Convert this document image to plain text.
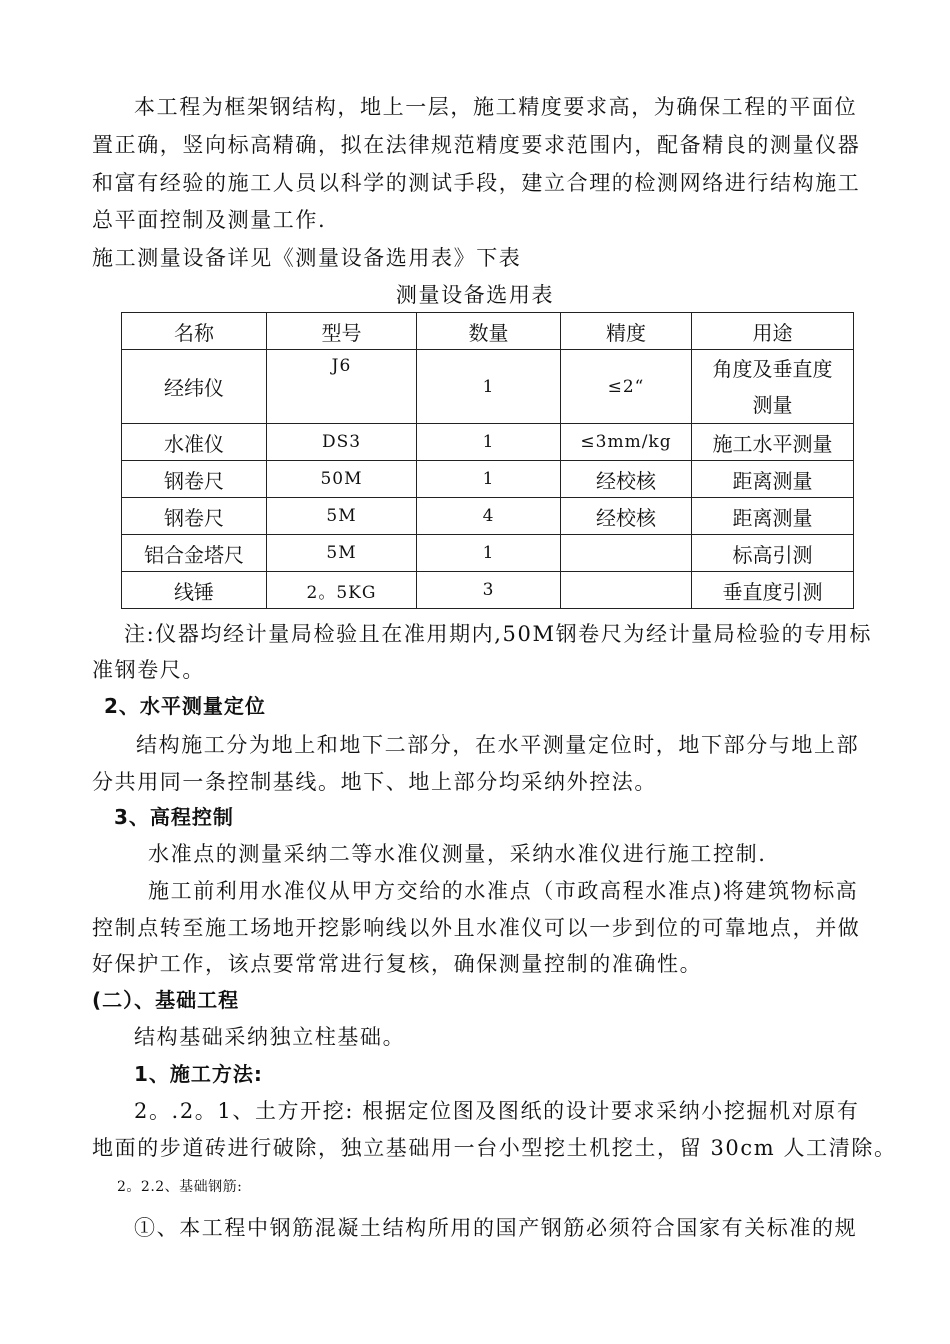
本工程为框架钢结构，地上一层，施工精度要求高，为确保工程的平面位
置正确，竖向标高精确，拟在法律规范精度要求范围内，配备精良的测量仪器
和富有经验的施工人员以科学的测试手段，建立合理的检测网络进行结构施工
总平面控制及测量工作.
施工测量设备详见《测量设备选用表》下表
测量设备选用表
名称	型号	数量	精度	用途
经纬仪	J6	1	≤2“	角度及垂直度
测量

水准仪	DS3	1	≤3mm/kg	施工水平测量
钢卷尺	50M	1	经校核	距离测量
钢卷尺	5M	4	经校核	距离测量
铝合金塔尺	5M	1		标高引测
线锤	2。5KG	3		垂直度引测
注:仪器均经计量局检验且在准用期内,50M钢卷尺为经计量局检验的专用标
准钢卷尺。
2、水平测量定位
结构施工分为地上和地下二部分，在水平测量定位时，地下部分与地上部
分共用同一条控制基线。地下、地上部分均采纳外控法。
3、高程控制
水准点的测量采纳二等水准仪测量，采纳水准仪进行施工控制.
施工前利用水准仪从甲方交给的水准点（市政高程水准点)将建筑物标高
控制点转至施工场地开挖影响线以外且水准仪可以一步到位的可靠地点，并做
好保护工作，该点要常常进行复核，确保测量控制的准确性。
(二）、基础工程
结构基础采纳独立柱基础。
1、施工方法:
2。.2。1、土方开挖: 根据定位图及图纸的设计要求采纳小挖掘机对原有
地面的步道砖进行破除，独立基础用一台小型挖土机挖土，留 30cm 人工清除。
2。2.2、基础钢筋:
①、本工程中钢筋混凝土结构所用的国产钢筋必须符合国家有关标准的规
